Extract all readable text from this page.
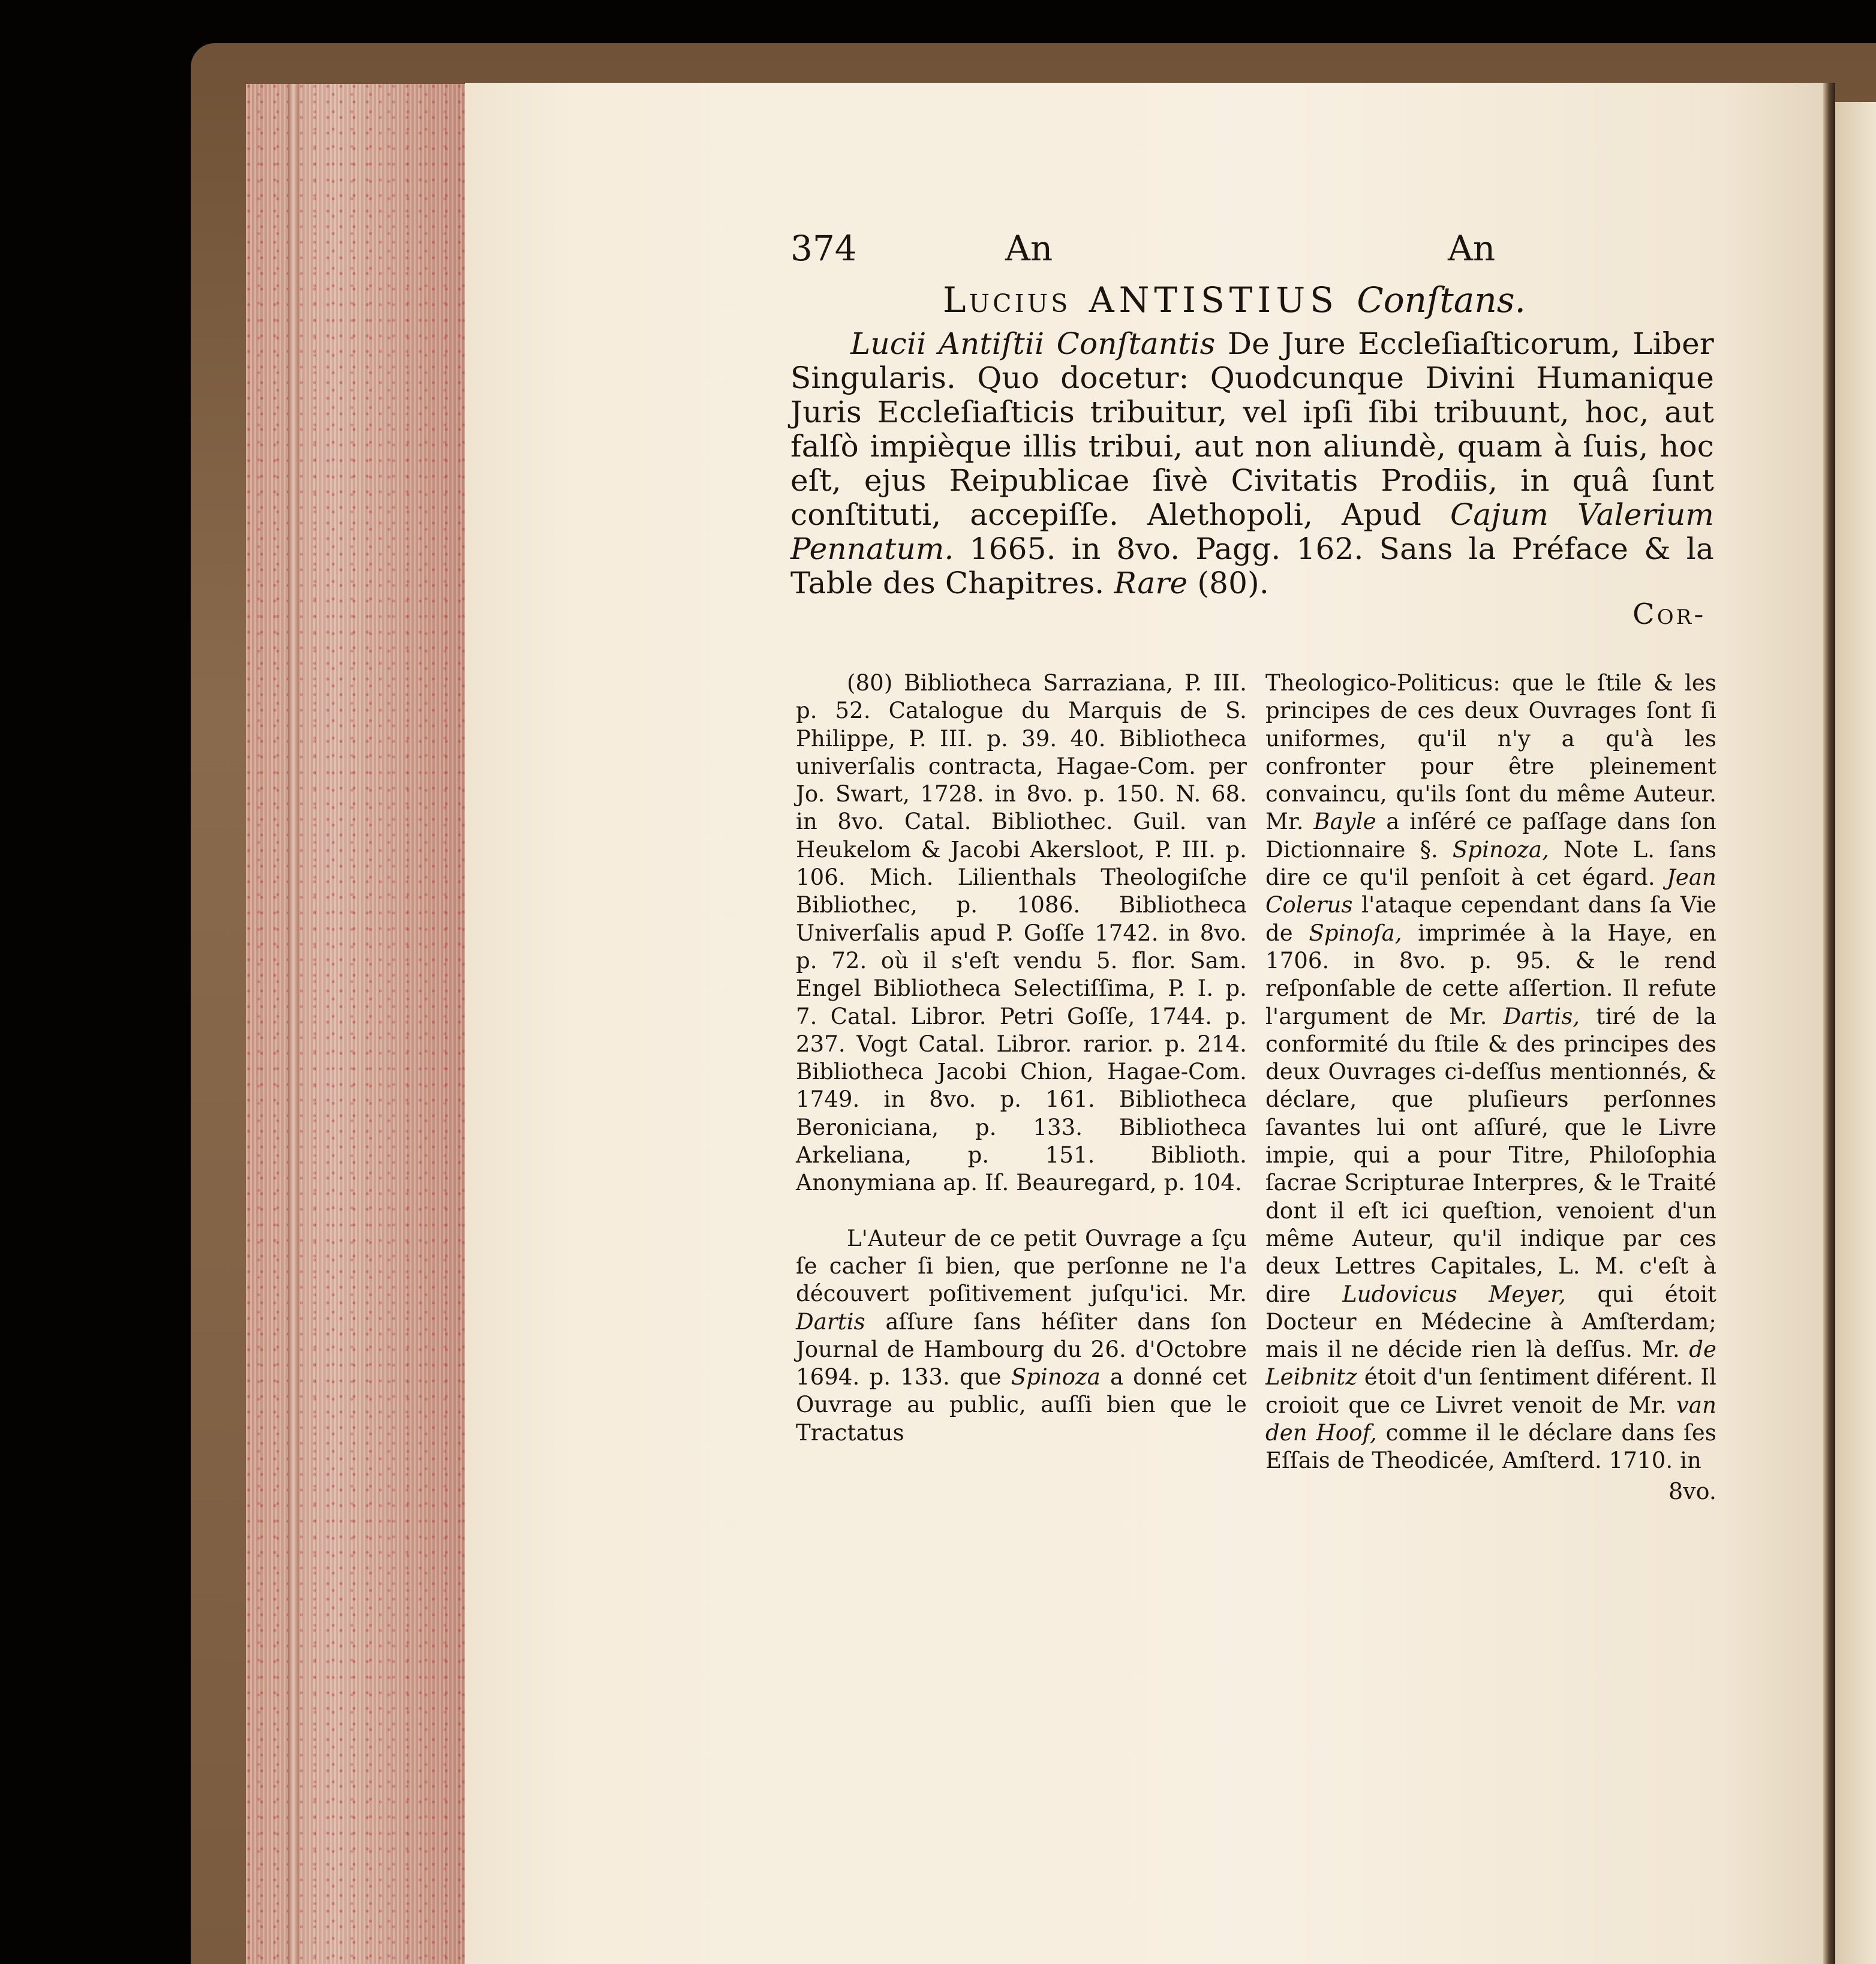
374	An	An
Lucius ANTISTIUS Conſtans.
Lucii Antiſtii Conſtantis De Jure Eccleſiaſticorum, Liber Singularis. Quo docetur: Quodcunque Divini Humanique Juris Eccleſiaſticis tribuitur, vel ipſi ſibi tribuunt, hoc, aut falſò impièque illis tribui, aut non aliundè, quam à ſuis, hoc eſt, ejus Reipublicae ſivè Civitatis Prodiis, in quâ ſunt conſtituti, accepiſſe. Alethopoli, Apud Cajum Valerium Pennatum. 1665. in 8vo. Pagg. 162. Sans la Préface & la Table des Chapitres. Rare (80).
Cor-

(80) Bibliotheca Sarraziana, P. III. p. 52. Catalogue du Marquis de S. Philippe, P. III. p. 39. 40. Bibliotheca univerſalis contracta, Hagae-Com. per Jo. Swart, 1728. in 8vo. p. 150. N. 68. in 8vo. Catal. Bibliothec. Guil. van Heukelom & Jacobi Akersloot, P. III. p. 106. Mich. Lilienthals Theologiſche Bibliothec, p. 1086. Bibliotheca Univerſalis apud P. Goſſe 1742. in 8vo. p. 72. où il s'eſt vendu 5. flor. Sam. Engel Bibliotheca Selectiſſima, P. I. p. 7. Catal. Libror. Petri Goſſe, 1744. p. 237. Vogt Catal. Libror. rarior. p. 214. Bibliotheca Jacobi Chion, Hagae-Com. 1749. in 8vo. p. 161. Bibliotheca Beroniciana, p. 133. Bibliotheca Arkeliana, p. 151. Biblioth. Anonymiana ap. Iſ. Beauregard, p. 104.

L'Auteur de ce petit Ouvrage a ſçu ſe cacher ſi bien, que perſonne ne l'a découvert poſitivement juſqu'ici. Mr. Dartis aſſure ſans héſiter dans ſon Journal de Hambourg du 26. d'Octobre 1694. p. 133. que Spinoza a donné cet Ouvrage au public, auſſi bien que le Tractatus

Theologico-Politicus: que le ſtile & les principes de ces deux Ouvrages ſont ſi uniformes, qu'il n'y a qu'à les confronter pour être pleinement convaincu, qu'ils ſont du même Auteur. Mr. Bayle a inſéré ce paſſage dans ſon Dictionnaire §. Spinoza, Note L. ſans dire ce qu'il penſoit à cet égard. Jean Colerus l'ataque cependant dans ſa Vie de Spinoſa, imprimée à la Haye, en 1706. in 8vo. p. 95. & le rend reſponſable de cette aſſertion. Il refute l'argument de Mr. Dartis, tiré de la conformité du ſtile & des principes des deux Ouvrages ci-deſſus mentionnés, & déclare, que pluſieurs perſonnes ſavantes lui ont aſſuré, que le Livre impie, qui a pour Titre, Philoſophia ſacrae Scripturae Interpres, & le Traité dont il eſt ici queſtion, venoient d'un même Auteur, qu'il indique par ces deux Lettres Capitales, L. M. c'eſt à dire Ludovicus Meyer, qui étoit Docteur en Médecine à Amſterdam; mais il ne décide rien là deſſus. Mr. de Leibnitz étoit d'un ſentiment diférent. Il croioit que ce Livret venoit de Mr. van den Hoof, comme il le déclare dans ſes Eſſais de Theodicée, Amſterd. 1710. in

8vo.
